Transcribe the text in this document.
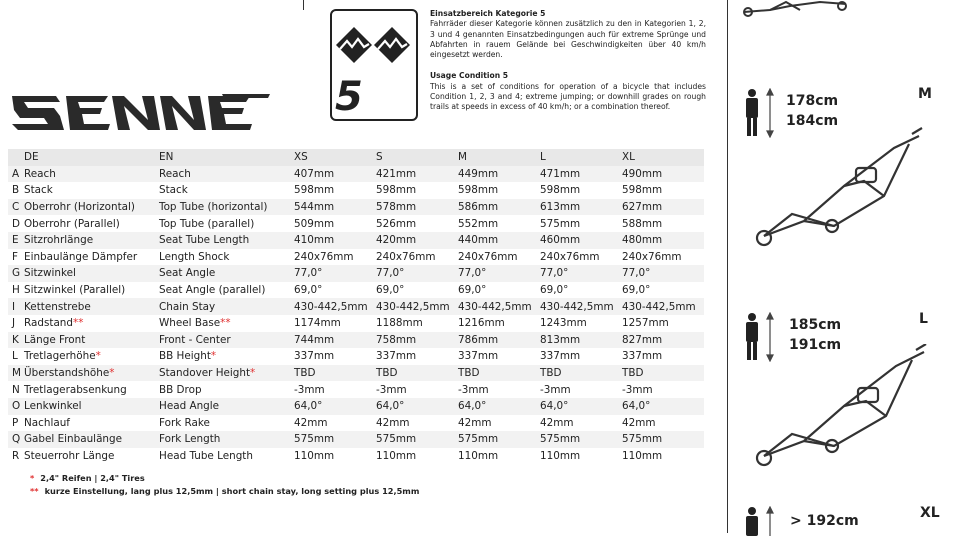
5
Einsatzbereich Kategorie 5

Fahrräder dieser Kategorie können zusätzlich zu den in Kategorien 1, 2, 3 und 4 genannten Einsatzbedingungen auch für extreme Sprünge und Abfahrten in rauem Gelände bei Geschwindigkeiten über 40 km/h eingesetzt werden.

Usage Condition 5

This is a set of conditions for operation of a bicycle that includes Condition 1, 2, 3 and 4; extreme jumping; or downhill grades on rough trails at speeds in excess of 40 km/h; or a combination thereof.

	DE	EN	XS	S	M	L	XL
A	Reach	Reach	407mm	421mm	449mm	471mm	490mm
B	Stack	Stack	598mm	598mm	598mm	598mm	598mm
C	Oberrohr (Horizontal)	Top Tube (horizontal)	544mm	578mm	586mm	613mm	627mm
D	Oberrohr (Parallel)	Top Tube (parallel)	509mm	526mm	552mm	575mm	588mm
E	Sitzrohrlänge	Seat Tube Length	410mm	420mm	440mm	460mm	480mm
F	Einbaulänge Dämpfer	Length Shock	240x76mm	240x76mm	240x76mm	240x76mm	240x76mm
G	Sitzwinkel	Seat Angle	77,0°	77,0°	77,0°	77,0°	77,0°
H	Sitzwinkel (Parallel)	Seat Angle (parallel)	69,0°	69,0°	69,0°	69,0°	69,0°
I	Kettenstrebe	Chain Stay	430-442,5mm	430-442,5mm	430-442,5mm	430-442,5mm	430-442,5mm
J	Radstand**	Wheel Base**	1174mm	1188mm	1216mm	1243mm	1257mm
K	Länge Front	Front - Center	744mm	758mm	786mm	813mm	827mm
L	Tretlagerhöhe*	BB Height*	337mm	337mm	337mm	337mm	337mm
M	Überstandshöhe*	Standover Height*	TBD	TBD	TBD	TBD	TBD
N	Tretlagerabsenkung	BB Drop	-3mm	-3mm	-3mm	-3mm	-3mm
O	Lenkwinkel	Head Angle	64,0°	64,0°	64,0°	64,0°	64,0°
P	Nachlauf	Fork Rake	42mm	42mm	42mm	42mm	42mm
Q	Gabel Einbaulänge	Fork Length	575mm	575mm	575mm	575mm	575mm
R	Steuerrohr Länge	Head Tube Length	110mm	110mm	110mm	110mm	110mm
* 2,4" Reifen | 2,4" Tires
** kurze Einstellung, lang plus 12,5mm | short chain stay, long setting plus 12,5mm
178cm
184cm
M
185cm
191cm
L
> 192cm	XL
